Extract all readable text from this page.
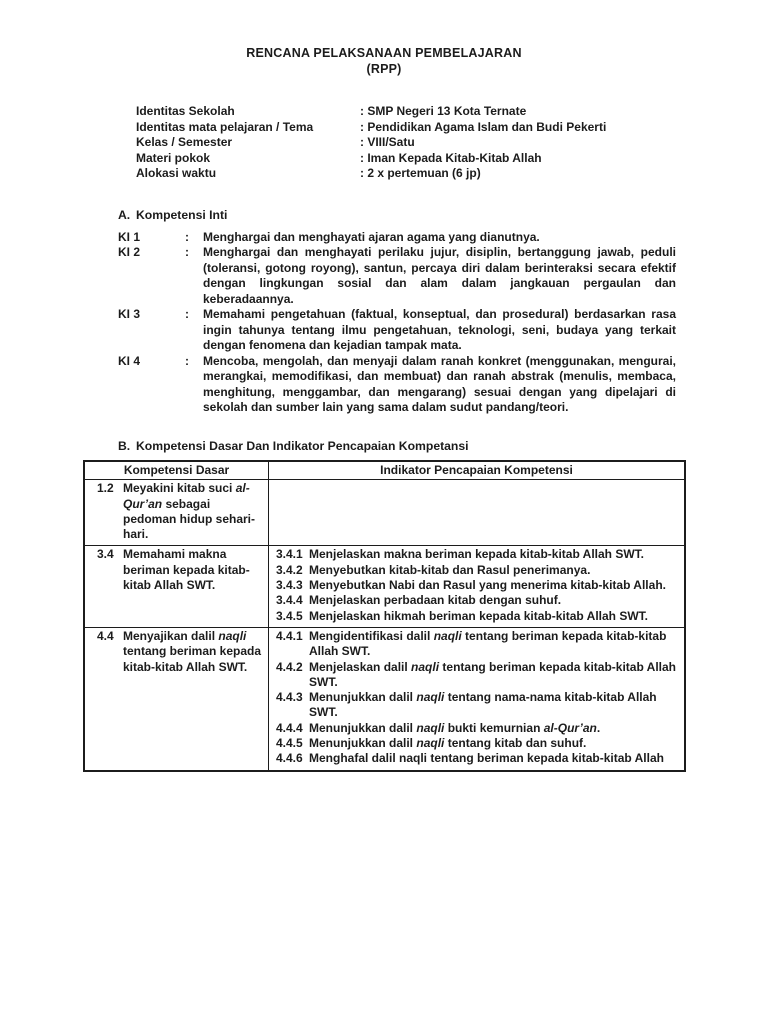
RENCANA PELAKSANAAN PEMBELAJARAN
(RPP)
Identitas Sekolah	: SMP Negeri 13 Kota Ternate
Identitas mata pelajaran / Tema	: Pendidikan Agama Islam dan Budi Pekerti
Kelas / Semester	: VIII/Satu
Materi pokok	: Iman Kepada Kitab-Kitab Allah
Alokasi waktu	: 2 x pertemuan (6 jp)
A. Kompetensi Inti
KI 1	:	Menghargai dan menghayati ajaran agama yang dianutnya.
KI 2	:	Menghargai dan menghayati perilaku jujur, disiplin, bertanggung jawab, peduli (toleransi, gotong royong), santun, percaya diri dalam berinteraksi secara efektif dengan lingkungan sosial dan alam dalam jangkauan pergaulan dan keberadaannya.
KI 3	:	Memahami pengetahuan (faktual, konseptual, dan prosedural) berdasarkan rasa ingin tahunya tentang ilmu pengetahuan, teknologi, seni, budaya yang terkait dengan fenomena dan kejadian tampak mata.
KI 4	:	Mencoba, mengolah, dan menyaji dalam ranah konkret (menggunakan, mengurai, merangkai, memodifikasi, dan membuat) dan ranah abstrak (menulis, membaca, menghitung, menggambar, dan mengarang) sesuai dengan yang dipelajari di sekolah dan sumber lain yang sama dalam sudut pandang/teori.
B. Kompetensi Dasar Dan Indikator Pencapaian Kompetansi
Kompetensi Dasar	Indikator Pencapaian Kompetensi
1.2 Meyakini kitab suci al-Qur’an sebagai pedoman hidup sehari-hari.
3.4 Memahami makna beriman kepada kitab-kitab Allah SWT.
3.4.1 Menjelaskan makna beriman kepada kitab-kitab Allah SWT.
3.4.2 Menyebutkan kitab-kitab dan Rasul penerimanya.
3.4.3 Menyebutkan Nabi dan Rasul yang menerima kitab-kitab Allah.
3.4.4 Menjelaskan perbadaan kitab dengan suhuf.
3.4.5 Menjelaskan hikmah beriman kepada kitab-kitab Allah SWT.
4.4 Menyajikan dalil naqli tentang beriman kepada kitab-kitab Allah SWT.
4.4.1 Mengidentifikasi dalil naqli tentang beriman kepada kitab-kitab Allah SWT.
4.4.2 Menjelaskan dalil naqli tentang beriman kepada kitab-kitab Allah SWT.
4.4.3 Menunjukkan dalil naqli tentang nama-nama kitab-kitab Allah SWT.
4.4.4 Menunjukkan dalil naqli bukti kemurnian al-Qur’an.
4.4.5 Menunjukkan dalil naqli tentang kitab dan suhuf.
4.4.6 Menghafal dalil naqli tentang beriman kepada kitab-kitab Allah
